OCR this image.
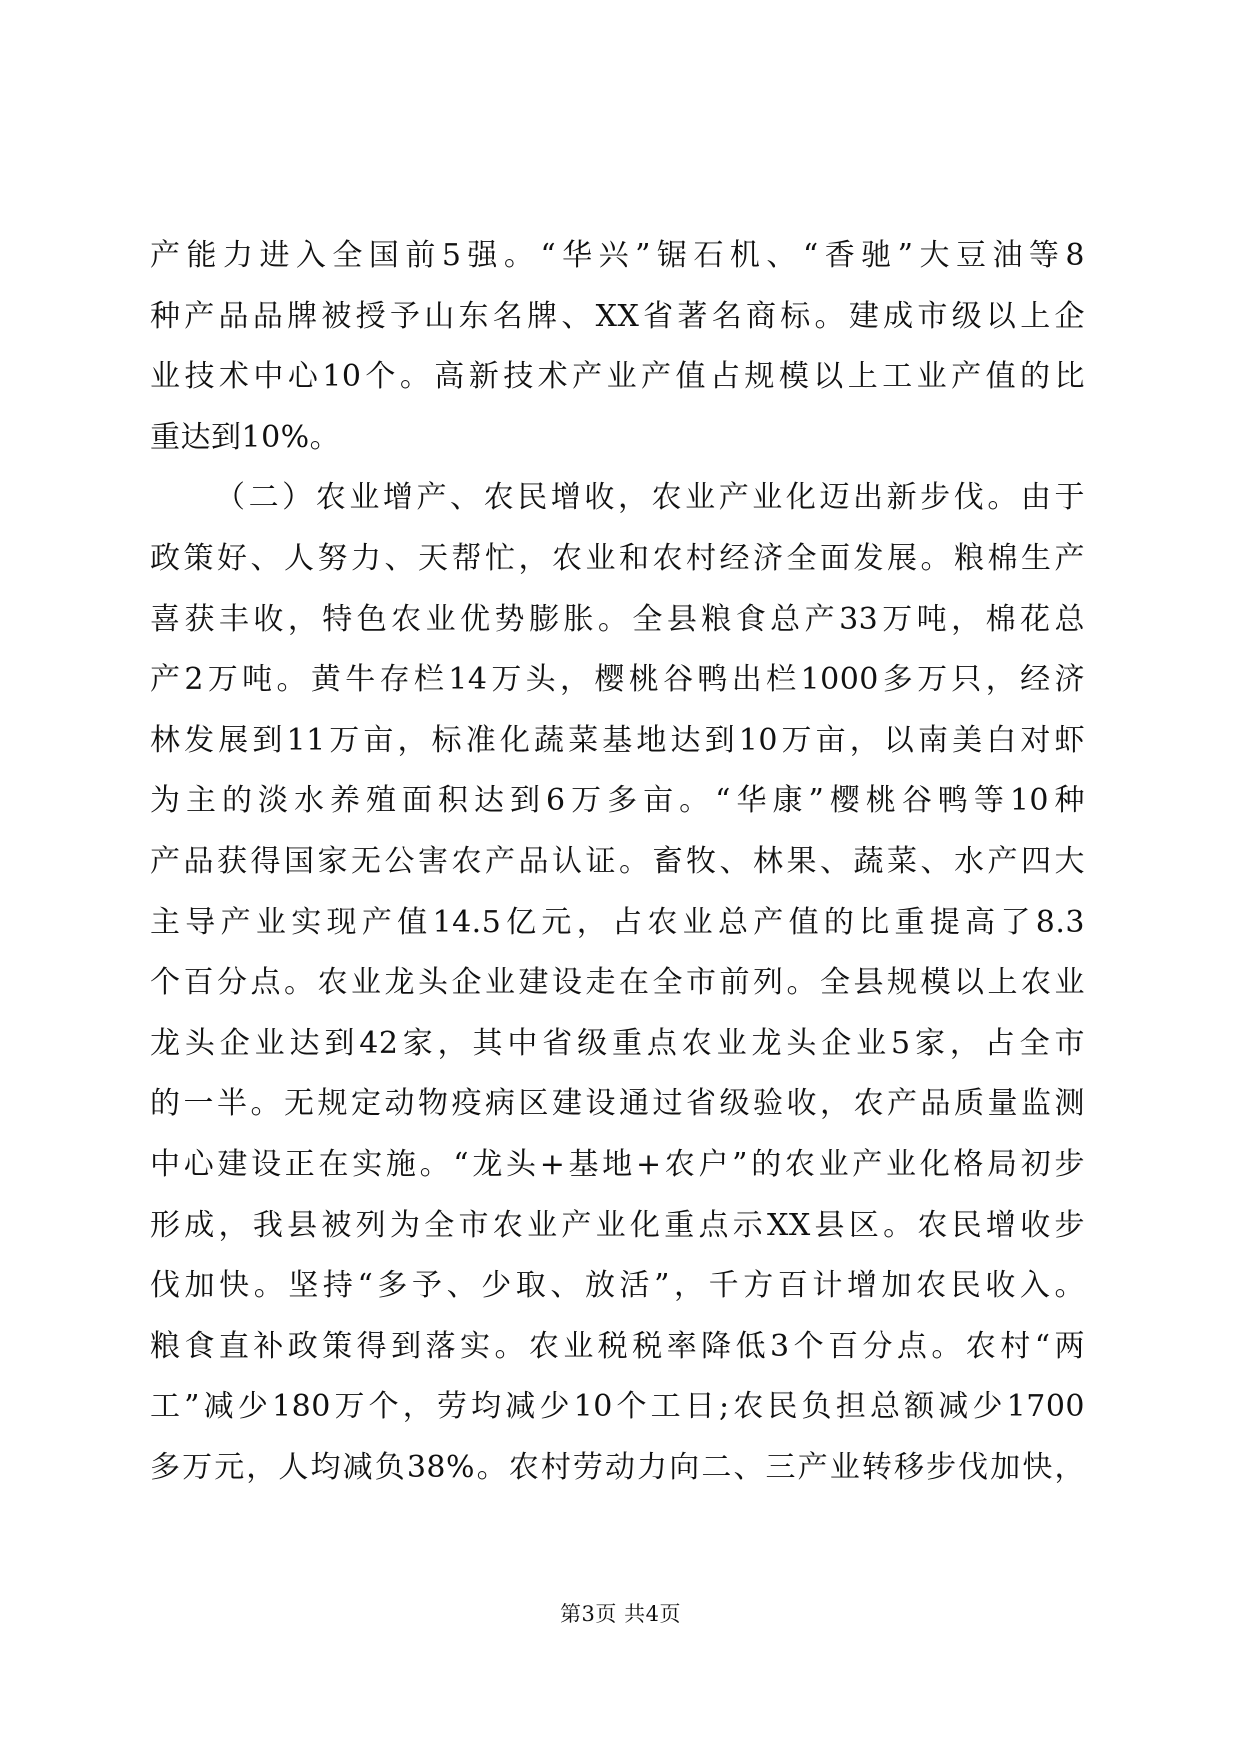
产能力进入全国前5强。“华兴”锯石机、“香驰”大豆油等8
种产品品牌被授予山东名牌、XX省著名商标。建成市级以上企
业技术中心10个。高新技术产业产值占规模以上工业产值的比
重达到10%。
（二）农业增产、农民增收，农业产业化迈出新步伐。由于
政策好、人努力、天帮忙，农业和农村经济全面发展。粮棉生产
喜获丰收，特色农业优势膨胀。全县粮食总产33万吨，棉花总
产2万吨。黄牛存栏14万头，樱桃谷鸭出栏1000多万只，经济
林发展到11万亩，标准化蔬菜基地达到10万亩，以南美白对虾
为主的淡水养殖面积达到6万多亩。“华康”樱桃谷鸭等10种
产品获得国家无公害农产品认证。畜牧、林果、蔬菜、水产四大
主导产业实现产值14.5亿元，占农业总产值的比重提高了8.3
个百分点。农业龙头企业建设走在全市前列。全县规模以上农业
龙头企业达到42家，其中省级重点农业龙头企业5家，占全市
的一半。无规定动物疫病区建设通过省级验收，农产品质量监测
中心建设正在实施。“龙头+基地+农户”的农业产业化格局初步
形成，我县被列为全市农业产业化重点示XX县区。农民增收步
伐加快。坚持“多予、少取、放活”，千方百计增加农民收入。
粮食直补政策得到落实。农业税税率降低3个百分点。农村“两
工”减少180万个，劳均减少10个工日;农民负担总额减少1700
多万元，人均减负38%。农村劳动力向二、三产业转移步伐加快，
第3页 共4页
